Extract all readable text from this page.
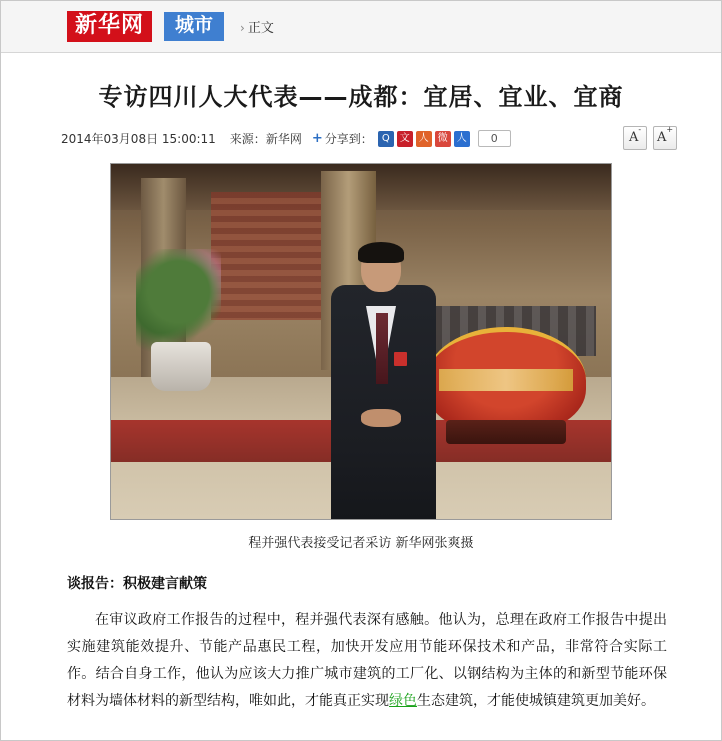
新华网	城市	› 正文
专访四川人大代表——成都：宜居、宜业、宜商
2014年03月08日 15:00:11 来源： 新华网 + 分享到： Q	文 人 微 人	0	A-
A+
程并强代表接受记者采访 新华网张爽摄
谈报告：积极建言献策
在审议政府工作报告的过程中，程并强代表深有感触。他认为，总理在政府工作报告中提出实施建筑能效提升、节能产品惠民工程，加快开发应用节能环保技术和产品，非常符合实际工作。结合自身工作，他认为应该大力推广城市建筑的工厂化、以钢结构为主体的和新型节能环保材料为墙体材料的新型结构，唯如此，才能真正实现绿色生态建筑，才能使城镇建筑更加美好。
